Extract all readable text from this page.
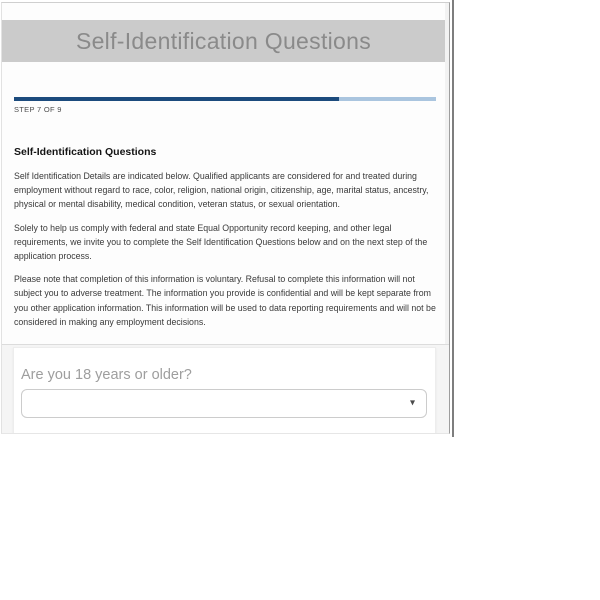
Self-Identification Questions
STEP 7 OF 9
Self-Identification Questions

Self Identification Details are indicated below. Qualified applicants are considered for and treated during employment without regard to race, color, religion, national origin, citizenship, age, marital status, ancestry, physical or mental disability, medical condition, veteran status, or sexual orientation.

Solely to help us comply with federal and state Equal Opportunity record keeping, and other legal requirements, we invite you to complete the Self Identification Questions below and on the next step of the application process.

Please note that completion of this information is voluntary. Refusal to complete this information will not subject you to adverse treatment. The information you provide is confidential and will be kept separate from you other application information. This information will be used to data reporting requirements and will not be considered in making any employment decisions.

Are you 18 years or older?
▾
